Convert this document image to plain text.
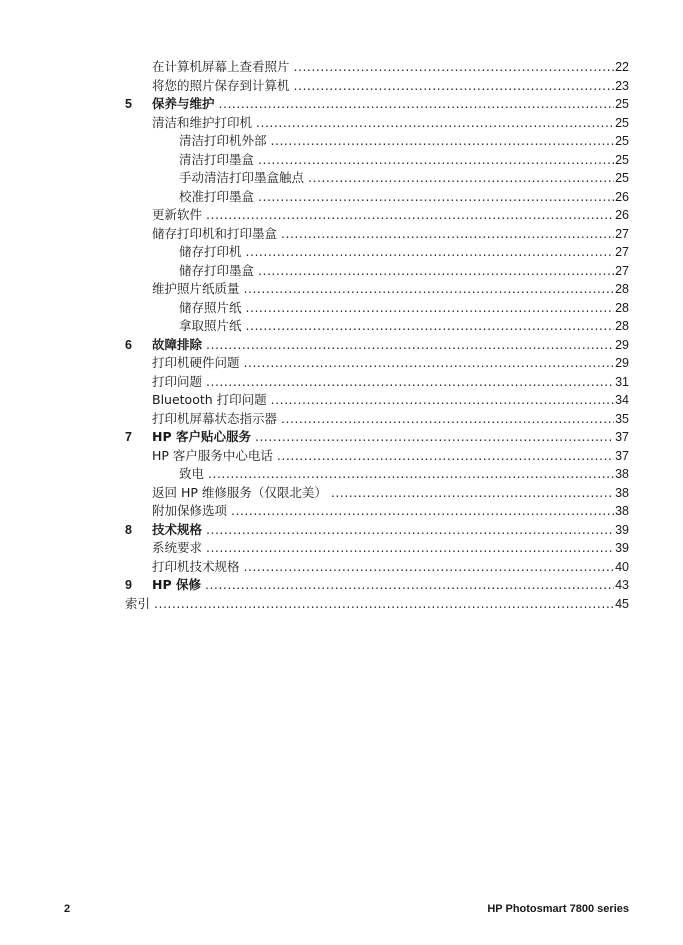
在计算机屏幕上查看照片 .....	22
将您的照片保存到计算机 .....	23
5	保养与维护 .....	25
清洁和维护打印机 .....	25
清洁打印机外部 .....	25
清洁打印墨盒 .....	25
手动清洁打印墨盒触点 .....	25
校准打印墨盒 .....	26
更新软件 .....	26
储存打印机和打印墨盒 .....	27
储存打印机 .....	27
储存打印墨盒 .....	27
维护照片纸质量 .....	28
储存照片纸 .....	28
拿取照片纸 .....	28
6	故障排除 .....	29
打印机硬件问题 .....	29
打印问题 .....	31
Bluetooth 打印问题 .....	34
打印机屏幕状态指示器 .....	35
7	HP 客户贴心服务 .....	37
HP 客户服务中心电话 .....	37
致电 .....	38
返回 HP 维修服务（仅限北美） .....	38
附加保修选项 .....	38
8	技术规格 .....	39
系统要求 .....	39
打印机技术规格 .....	40
9	HP 保修 .....	43
索引 .....	45
2	HP Photosmart 7800 series
